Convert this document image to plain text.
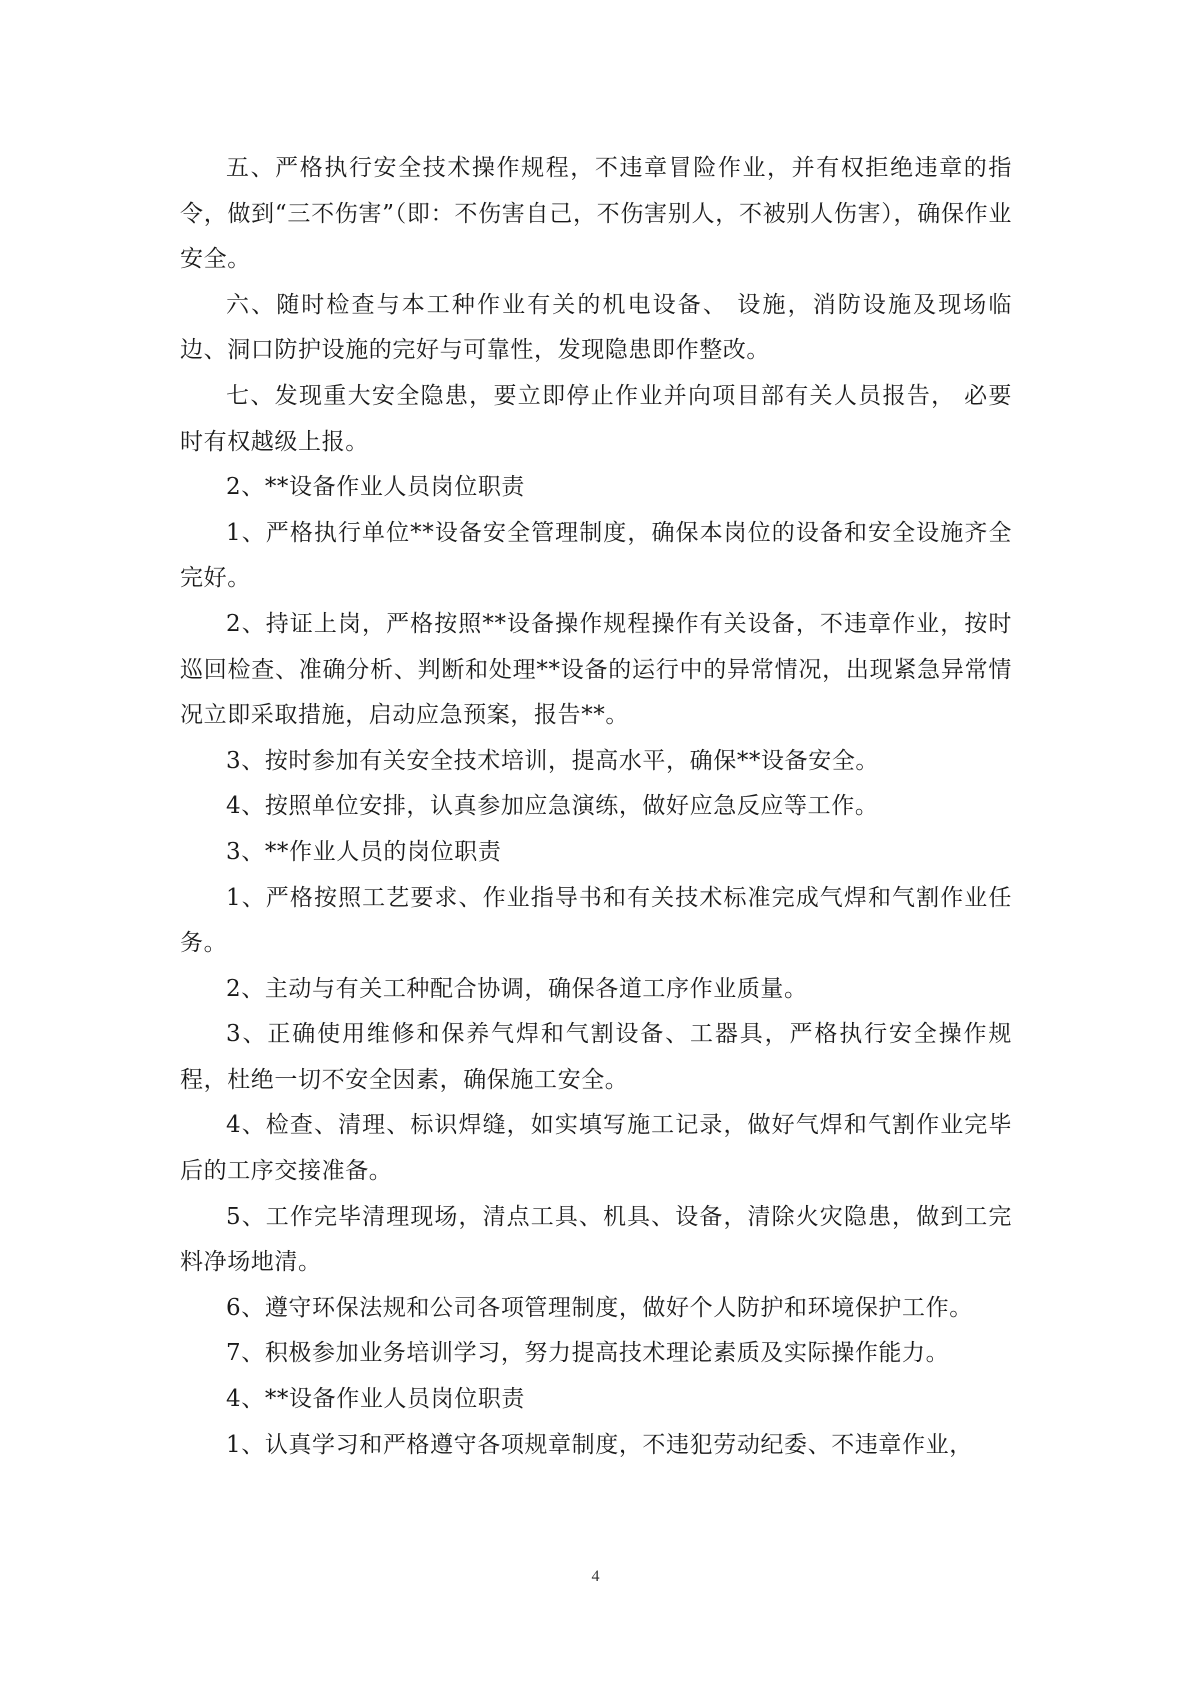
五、严格执行安全技术操作规程，不违章冒险作业，并有权拒绝违章的指令，做到“三不伤害”（即：不伤害自己，不伤害别人，不被别人伤害），确保作业安全。

六、随时检查与本工种作业有关的机电设备、 设施，消防设施及现场临边、洞口防护设施的完好与可靠性，发现隐患即作整改。

七、发现重大安全隐患，要立即停止作业并向项目部有关人员报告， 必要时有权越级上报。

2、**设备作业人员岗位职责

1、严格执行单位**设备安全管理制度，确保本岗位的设备和安全设施齐全完好。

2、持证上岗，严格按照**设备操作规程操作有关设备，不违章作业，按时巡回检查、准确分析、判断和处理**设备的运行中的异常情况，出现紧急异常情况立即采取措施，启动应急预案，报告**。

3、按时参加有关安全技术培训，提高水平，确保**设备安全。

4、按照单位安排，认真参加应急演练，做好应急反应等工作。

3、**作业人员的岗位职责

1、严格按照工艺要求、作业指导书和有关技术标准完成气焊和气割作业任务。

2、主动与有关工种配合协调，确保各道工序作业质量。

3、正确使用维修和保养气焊和气割设备、工器具，严格执行安全操作规程，杜绝一切不安全因素，确保施工安全。

4、检查、清理、标识焊缝，如实填写施工记录，做好气焊和气割作业完毕后的工序交接准备。

5、工作完毕清理现场，清点工具、机具、设备，清除火灾隐患，做到工完料净场地清。

6、遵守环保法规和公司各项管理制度，做好个人防护和环境保护工作。

7、积极参加业务培训学习，努力提高技术理论素质及实际操作能力。

4、**设备作业人员岗位职责

1、认真学习和严格遵守各项规章制度，不违犯劳动纪委、不违章作业，

4
